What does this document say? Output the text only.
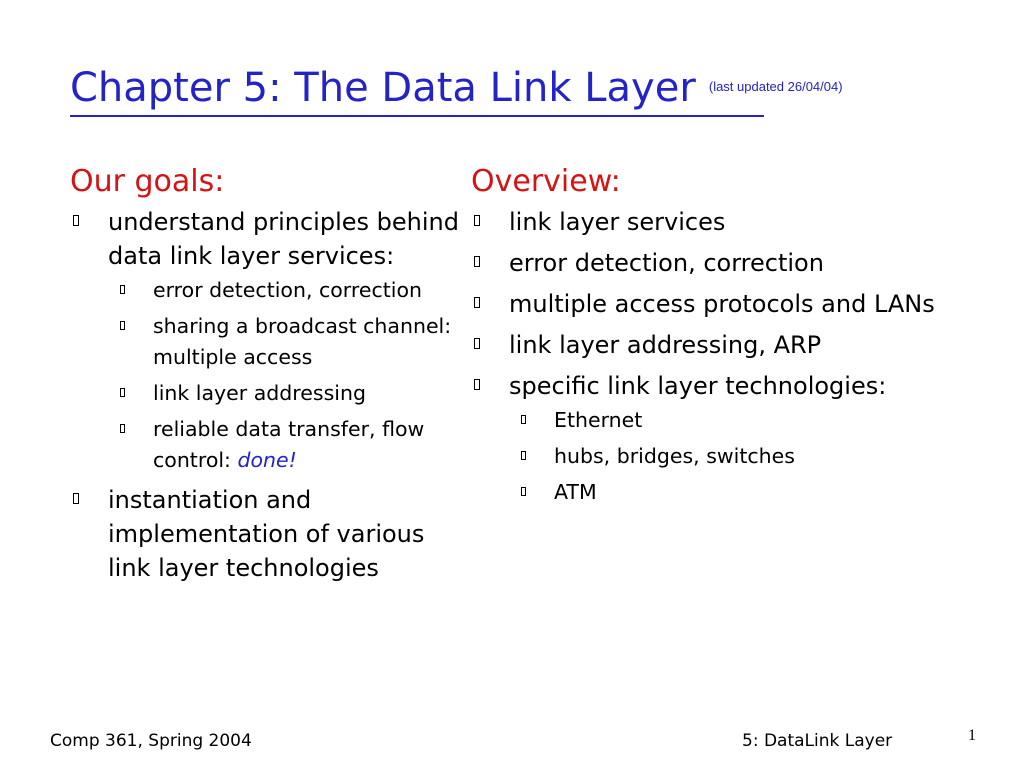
Chapter 5: The Data Link Layer (last updated 26/04/04)
Our goals:
understand principles behind data link layer services:
error detection, correction
sharing a broadcast channel: multiple access
link layer addressing
reliable data transfer, flow control: done!
instantiation and implementation of various link layer technologies
Overview:
link layer services
error detection, correction
multiple access protocols and LANs
link layer addressing, ARP
specific link layer technologies:
Ethernet
hubs, bridges, switches
ATM
Comp 361, Spring 2004	5: DataLink Layer	1
